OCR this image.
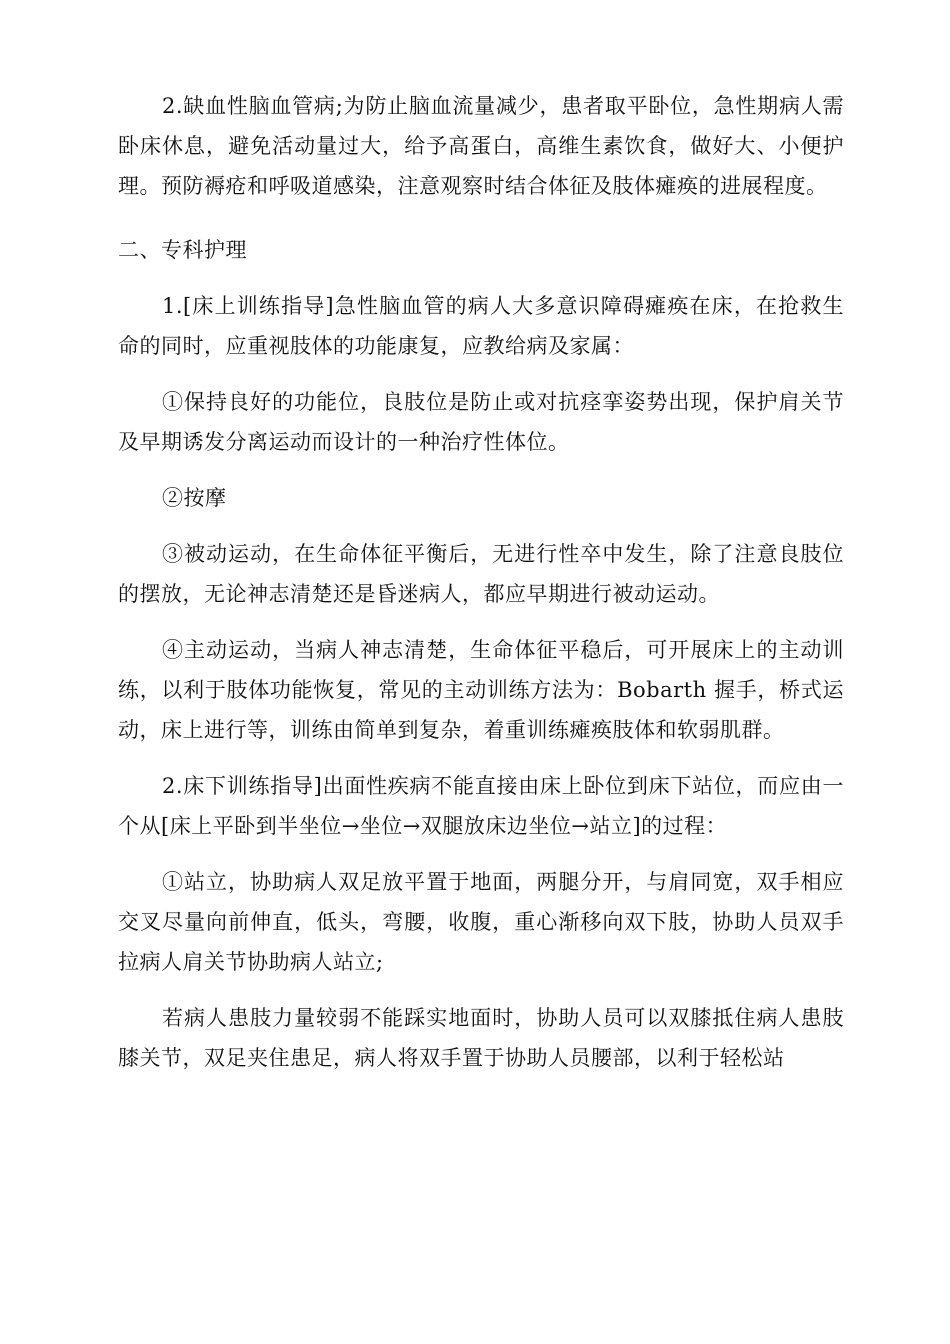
2.缺血性脑血管病;为防止脑血流量减少，患者取平卧位，急性期病人需卧床休息，避免活动量过大，给予高蛋白，高维生素饮食，做好大、小便护理。预防褥疮和呼吸道感染，注意观察时结合体征及肢体瘫痪的进展程度。

二、专科护理

1.[床上训练指导]急性脑血管的病人大多意识障碍瘫痪在床，在抢救生命的同时，应重视肢体的功能康复，应教给病及家属：

①保持良好的功能位，良肢位是防止或对抗痉挛姿势出现，保护肩关节及早期诱发分离运动而设计的一种治疗性体位。

②按摩

③被动运动，在生命体征平衡后，无进行性卒中发生，除了注意良肢位的摆放，无论神志清楚还是昏迷病人，都应早期进行被动运动。

④主动运动，当病人神志清楚，生命体征平稳后，可开展床上的主动训练，以利于肢体功能恢复，常见的主动训练方法为：Bobarth 握手，桥式运动，床上进行等，训练由简单到复杂，着重训练瘫痪肢体和软弱肌群。

2.床下训练指导]出面性疾病不能直接由床上卧位到床下站位，而应由一个从[床上平卧到半坐位→坐位→双腿放床边坐位→站立]的过程：

①站立，协助病人双足放平置于地面，两腿分开，与肩同宽，双手相应交叉尽量向前伸直，低头，弯腰，收腹，重心渐移向双下肢，协助人员双手拉病人肩关节协助病人站立;

若病人患肢力量较弱不能踩实地面时，协助人员可以双膝抵住病人患肢膝关节，双足夹住患足，病人将双手置于协助人员腰部，以利于轻松站
